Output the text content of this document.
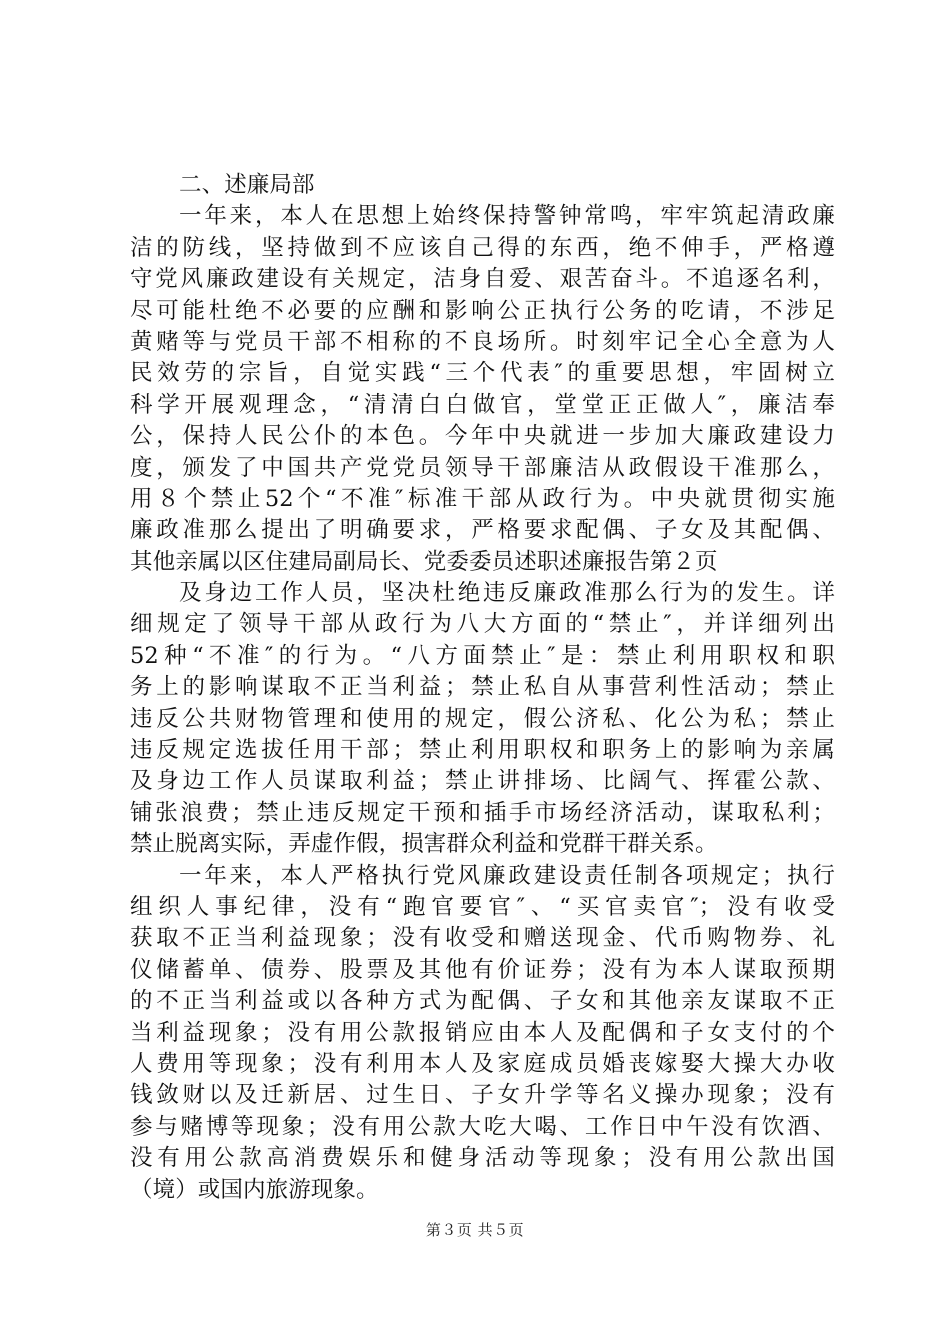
二、述廉局部
一年来，本人在思想上始终保持警钟常鸣，牢牢筑起清政廉
洁的防线，坚持做到不应该自己得的东西，绝不伸手，严格遵
守党风廉政建设有关规定，洁身自爱、艰苦奋斗。不追逐名利，
尽可能杜绝不必要的应酬和影响公正执行公务的吃请，不涉足
黄赌等与党员干部不相称的不良场所。时刻牢记全心全意为人
民效劳的宗旨，自觉实践“三个代表″的重要思想，牢固树立
科学开展观理念，“清清白白做官，堂堂正正做人″，廉洁奉
公，保持人民公仆的本色。今年中央就进一步加大廉政建设力
度，颁发了中国共产党党员领导干部廉洁从政假设干准那么，
用８个禁止52个“不准″标准干部从政行为。中央就贯彻实施
廉政准那么提出了明确要求，严格要求配偶、子女及其配偶、
其他亲属以区住建局副局长、党委委员述职述廉报告第２页
及身边工作人员，坚决杜绝违反廉政准那么行为的发生。详
细规定了领导干部从政行为八大方面的“禁止″，并详细列出
52种“不准″的行为。“八方面禁止″是：禁止利用职权和职
务上的影响谋取不正当利益；禁止私自从事营利性活动；禁止
违反公共财物管理和使用的规定，假公济私、化公为私；禁止
违反规定选拔任用干部；禁止利用职权和职务上的影响为亲属
及身边工作人员谋取利益；禁止讲排场、比阔气、挥霍公款、
铺张浪费；禁止违反规定干预和插手市场经济活动，谋取私利；
禁止脱离实际，弄虚作假，损害群众利益和党群干群关系。
一年来，本人严格执行党风廉政建设责任制各项规定；执行
组织人事纪律，没有“跑官要官″、“买官卖官″；没有收受
获取不正当利益现象；没有收受和赠送现金、代币购物券、礼
仪储蓄单、债券、股票及其他有价证券；没有为本人谋取预期
的不正当利益或以各种方式为配偶、子女和其他亲友谋取不正
当利益现象；没有用公款报销应由本人及配偶和子女支付的个
人费用等现象；没有利用本人及家庭成员婚丧嫁娶大操大办收
钱敛财以及迁新居、过生日、子女升学等名义操办现象；没有
参与赌博等现象；没有用公款大吃大喝、工作日中午没有饮酒、
没有用公款高消费娱乐和健身活动等现象；没有用公款出国
（境）或国内旅游现象。
第３页 共５页
